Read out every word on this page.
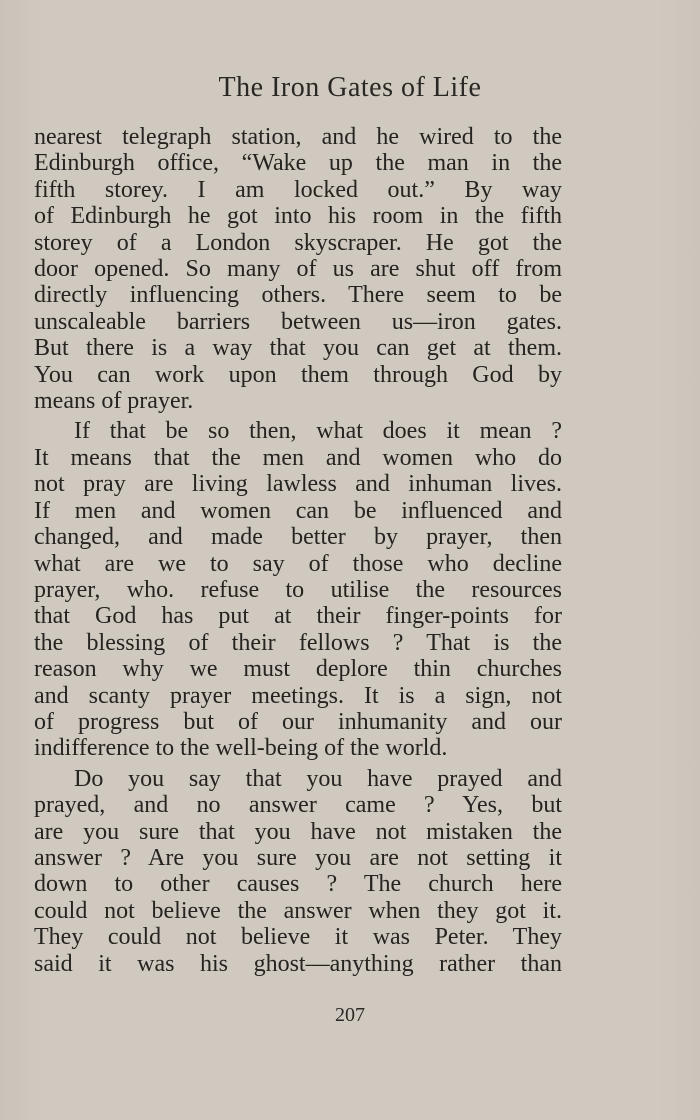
The Iron Gates of Life

nearest telegraph station, and he wired to the
Edinburgh office, “Wake up the man in the
fifth storey. I am locked out.” By way
of Edinburgh he got into his room in the fifth
storey of a London skyscraper. He got the
door opened. So many of us are shut off from
directly influencing others. There seem to be
unscaleable barriers between us—iron gates.
But there is a way that you can get at them.
You can work upon them through God by
means of prayer.

If that be so then, what does it mean ?
It means that the men and women who do
not pray are living lawless and inhuman lives.
If men and women can be influenced and
changed, and made better by prayer, then
what are we to say of those who decline
prayer, who. refuse to utilise the resources
that God has put at their finger-points for
the blessing of their fellows ? That is the
reason why we must deplore thin churches
and scanty prayer meetings. It is a sign, not
of progress but of our inhumanity and our
indifference to the well-being of the world.

Do you say that you have prayed and
prayed, and no answer came ? Yes, but
are you sure that you have not mistaken the
answer ? Are you sure you are not setting it
down to other causes ? The church here
could not believe the answer when they got it.
They could not believe it was Peter. They
said it was his ghost—anything rather than

207
